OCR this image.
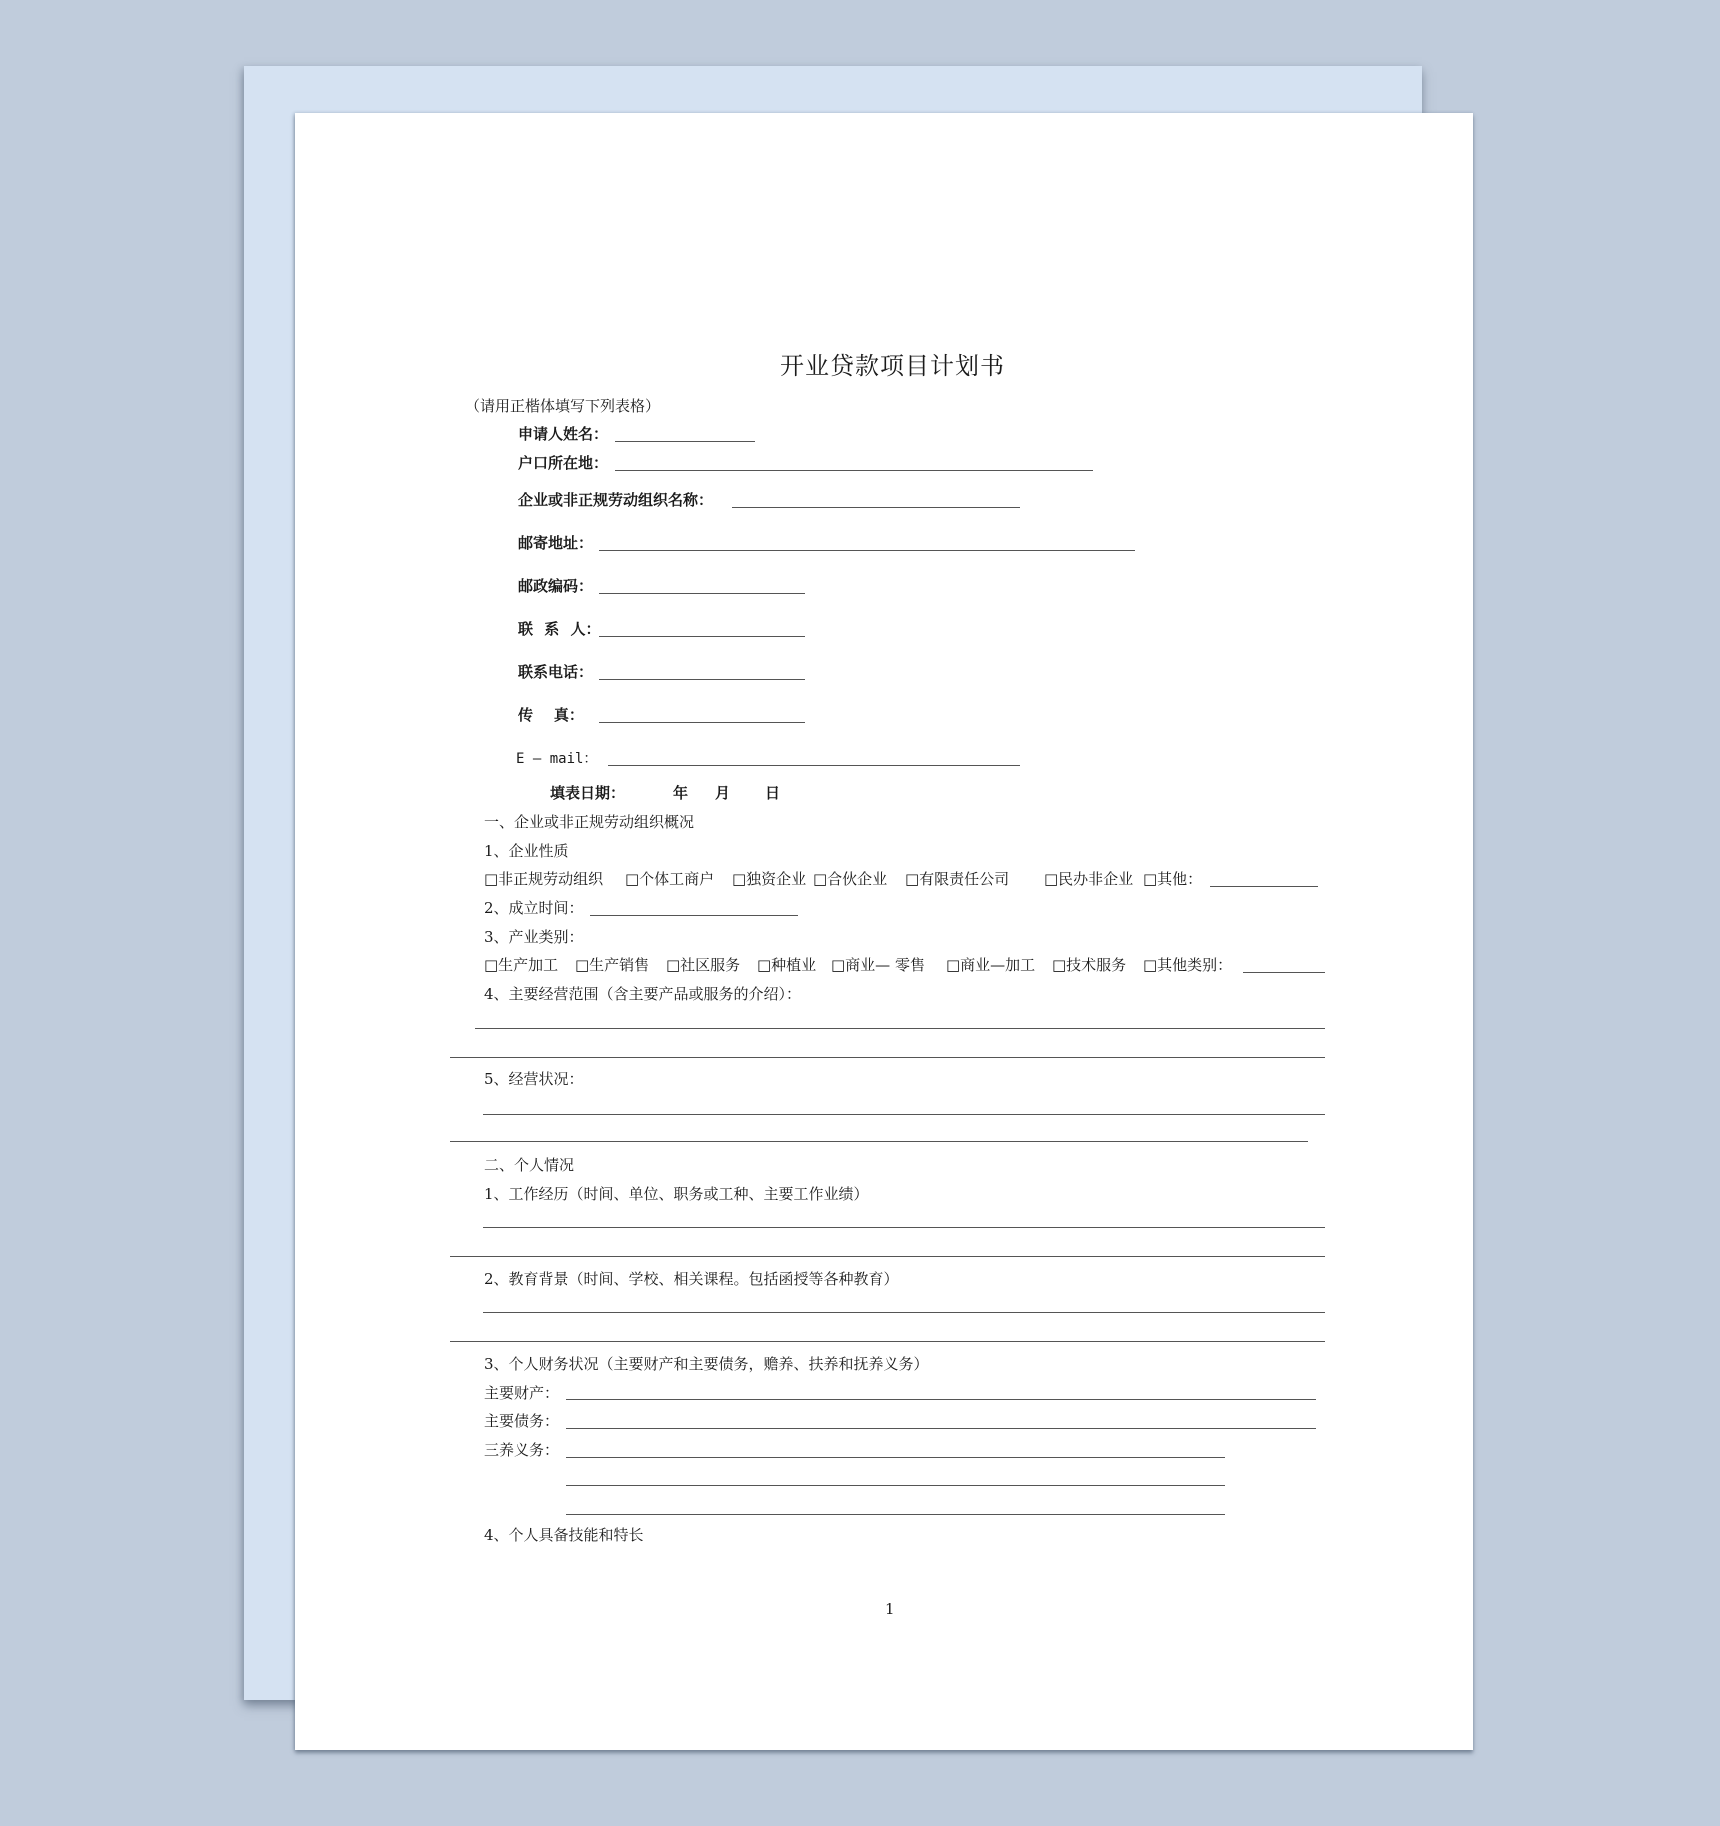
开业贷款项目计划书
（请用正楷体填写下列表格）
申请人姓名：
户口所在地：
企业或非正规劳动组织名称：
邮寄地址：
邮政编码：
联 系 人：
联系电话：
传    真：
E — mail：
填表日期：	年 月 日
一、企业或非正规劳动组织概况
1、企业性质
□非正规劳动组织 □个体工商户 □独资企业 □合伙企业 □有限责任公司 □民办非企业 □其他：
2、成立时间：
3、产业类别：
□生产加工 □生产销售 □社区服务 □种植业 □商业— 零售 □商业—加工 □技术服务 □其他类别：
4、主要经营范围（含主要产品或服务的介绍）：
5、经营状况：
二、个人情况
1、工作经历（时间、单位、职务或工种、主要工作业绩）
2、教育背景（时间、学校、相关课程。包括函授等各种教育）
3、个人财务状况（主要财产和主要债务，赡养、扶养和抚养义务）
主要财产：
主要债务：
三养义务：
4、个人具备技能和特长
1
